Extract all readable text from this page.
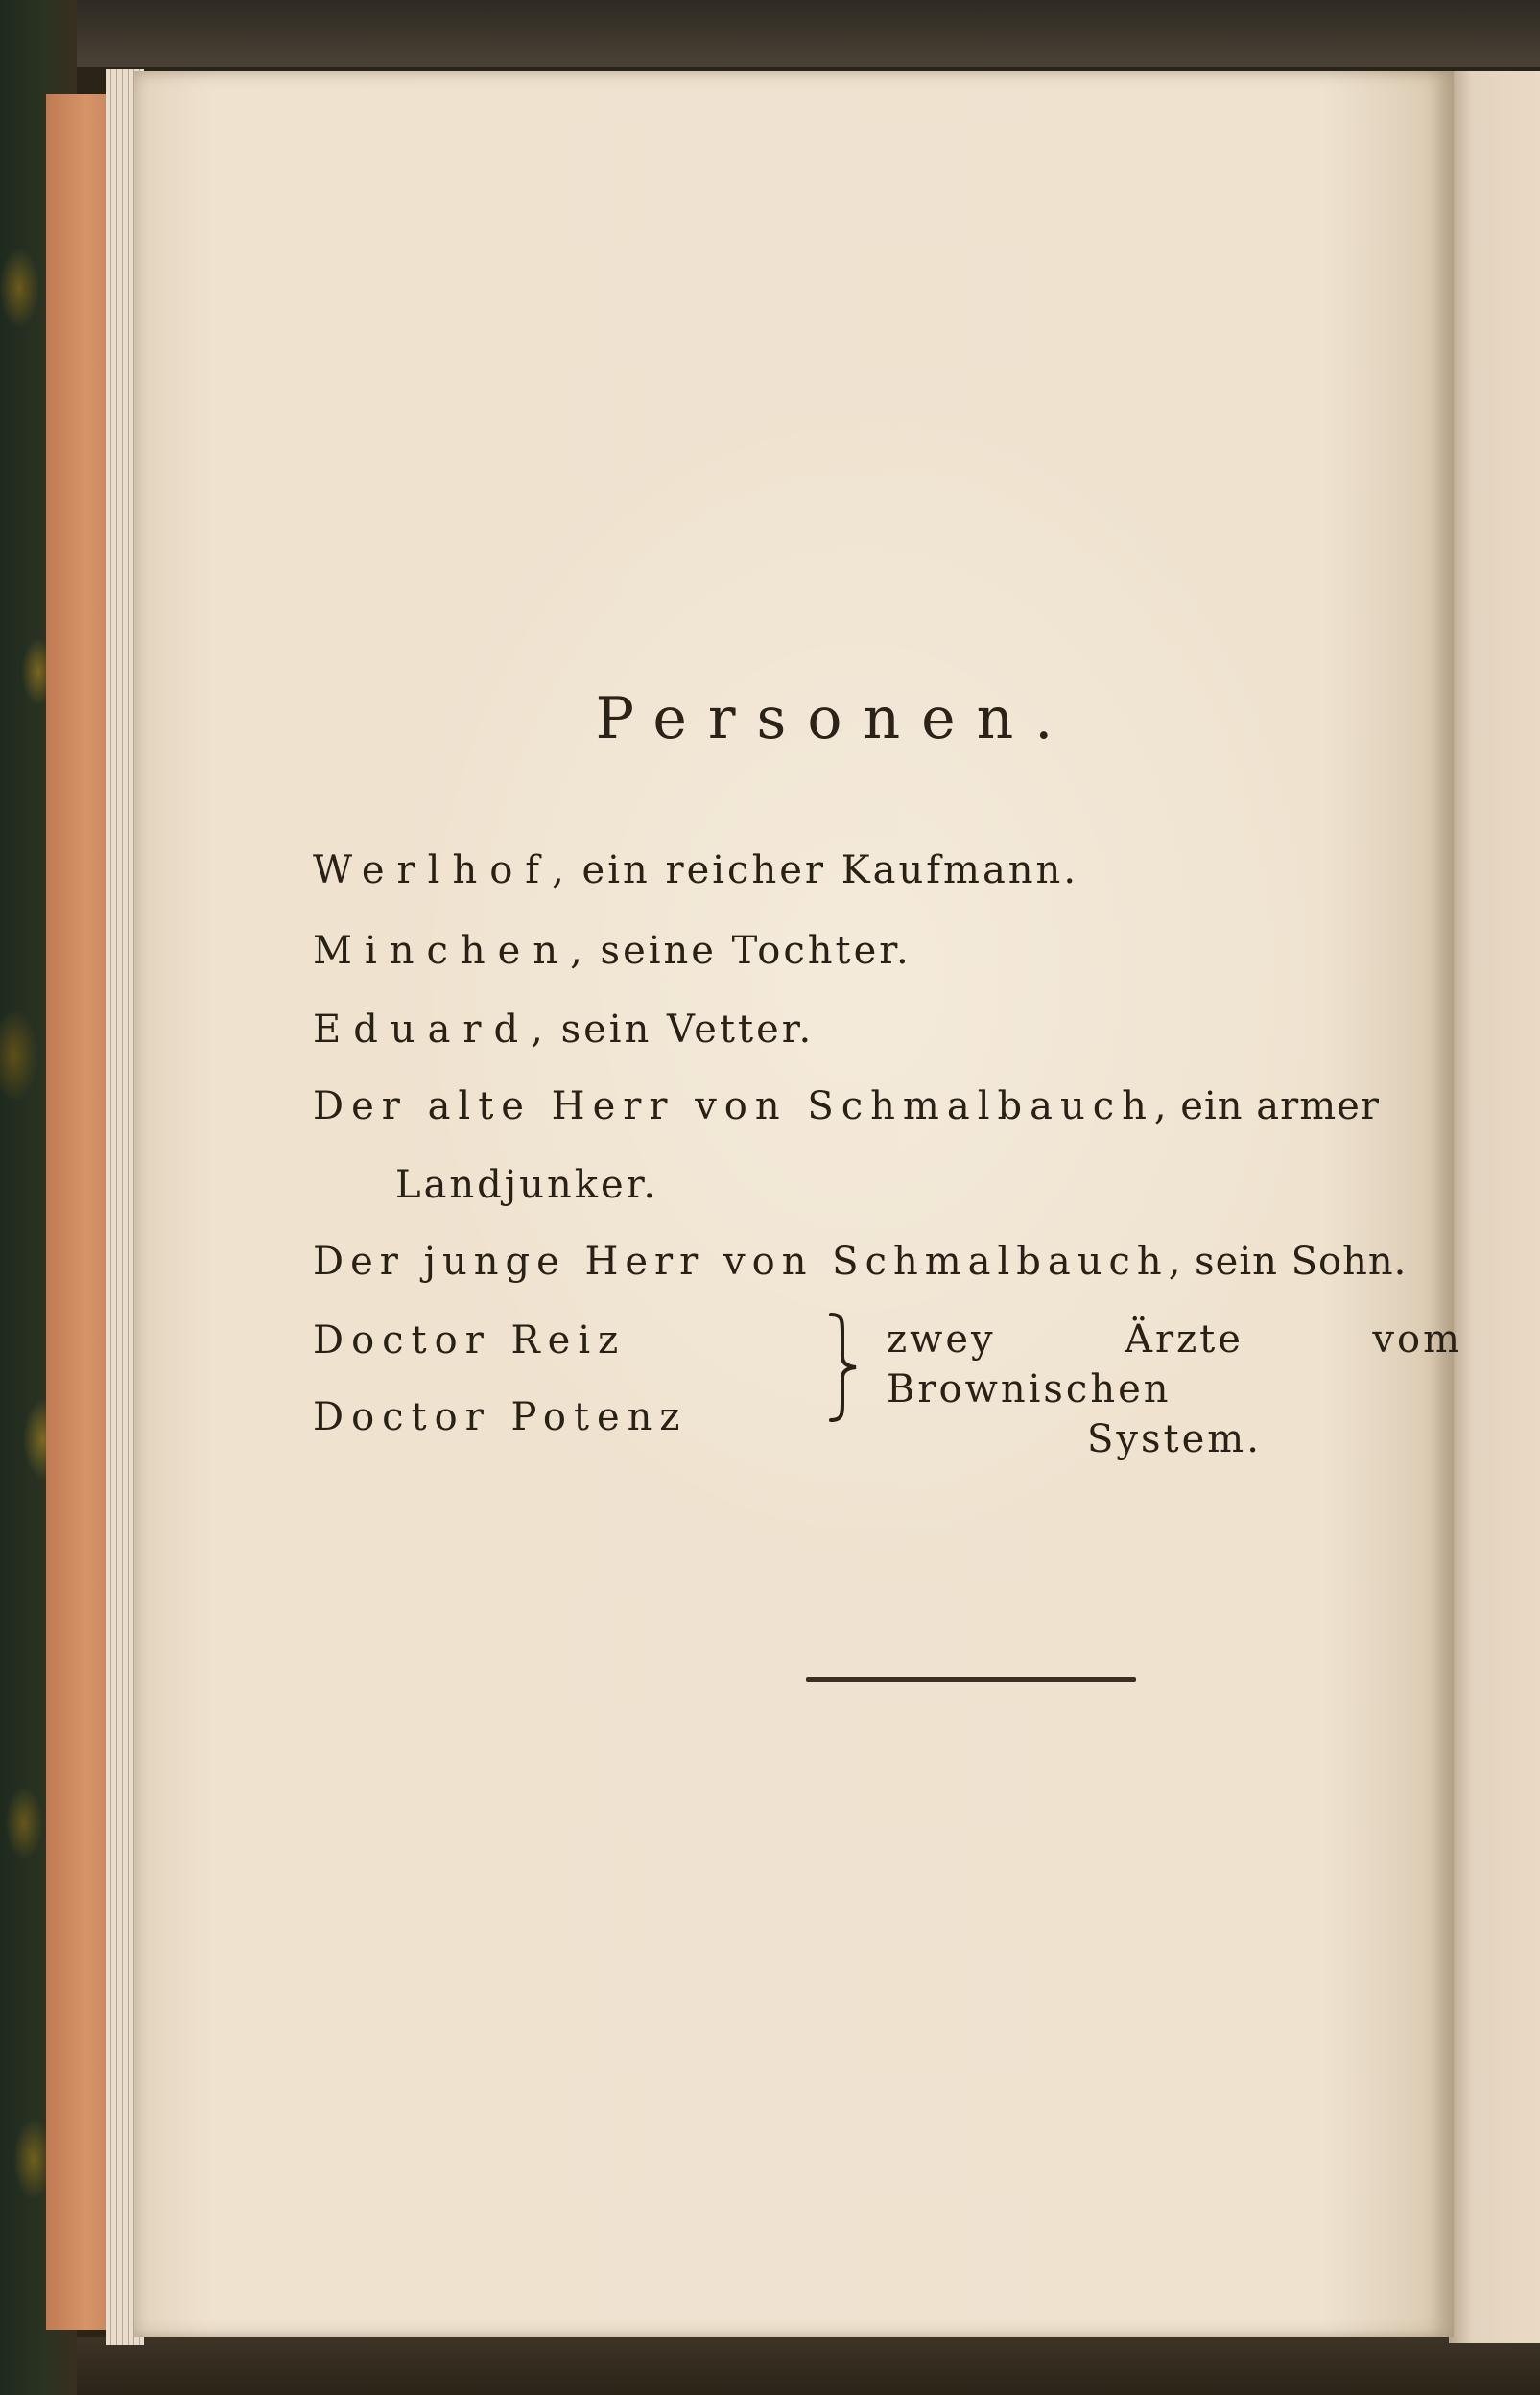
Personen.
Werlhof, ein reicher Kaufmann.
Minchen, seine Tochter.
Eduard, sein Vetter.
Der alte Herr von Schmalbauch, ein armer
Landjunker.
Der junge Herr von Schmalbauch, sein Sohn.
Doctor Reiz
Doctor Potenz
zwey Ärzte vom Brownischen
System.
